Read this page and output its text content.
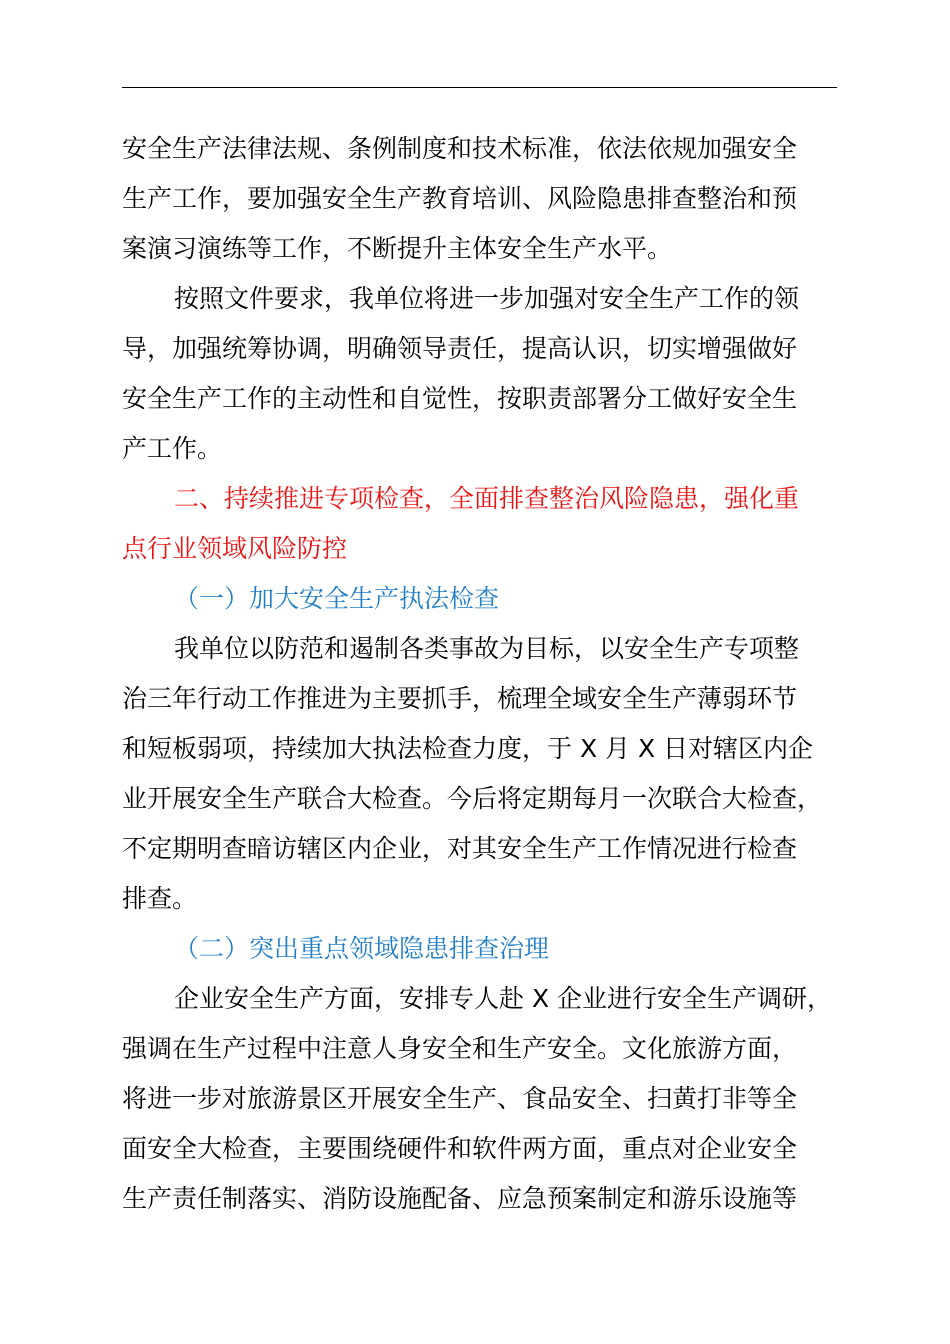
安全生产法律法规、条例制度和技术标准，依法依规加强安全
生产工作，要加强安全生产教育培训、风险隐患排查整治和预
案演习演练等工作，不断提升主体安全生产水平。
按照文件要求，我单位将进一步加强对安全生产工作的领
导，加强统筹协调，明确领导责任，提高认识，切实增强做好
安全生产工作的主动性和自觉性，按职责部署分工做好安全生
产工作。
二、持续推进专项检查，全面排查整治风险隐患，强化重
点行业领域风险防控
（一）加大安全生产执法检查
我单位以防范和遏制各类事故为目标，以安全生产专项整
治三年行动工作推进为主要抓手，梳理全域安全生产薄弱环节
和短板弱项，持续加大执法检查力度，于 X 月 X 日对辖区内企
业开展安全生产联合大检查。今后将定期每月一次联合大检查，
不定期明查暗访辖区内企业，对其安全生产工作情况进行检查
排查。
（二）突出重点领域隐患排查治理
企业安全生产方面，安排专人赴 X 企业进行安全生产调研，
强调在生产过程中注意人身安全和生产安全。文化旅游方面，
将进一步对旅游景区开展安全生产、食品安全、扫黄打非等全
面安全大检查，主要围绕硬件和软件两方面，重点对企业安全
生产责任制落实、消防设施配备、应急预案制定和游乐设施等
